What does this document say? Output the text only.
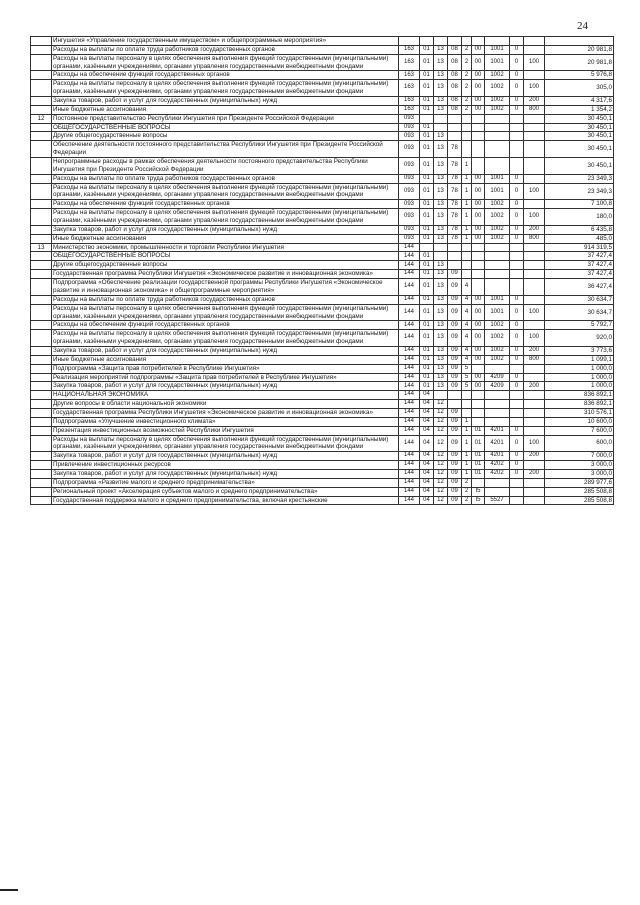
24
	Ингушетия «Управление государственным имуществом» и общепрограммные мероприятия»										
	Расходы на выплаты по оплате труда работников государственных органов	163	01	13	08	2	00	1001	0		20 981,8
	Расходы на выплаты персоналу в целях обеспечения выполнения функций государственными (муниципальными) органами, казёнными учреждениями, органами управления государственными внебюджетными фондами	163	01	13	08	2	00	1001	0	100	20 981,8
	Расходы на обеспечение функций государственных органов	163	01	13	08	2	00	1002	0		5 976,8
	Расходы на выплаты персоналу в целях обеспечения выполнения функций государственными (муниципальными) органами, казёнными учреждениями, органами управления государственными внебюджетными фондами	163	01	13	08	2	00	1002	0	100	305,0
	Закупка товаров, работ и услуг для государственных (муниципальных) нужд	163	01	13	08	2	00	1002	0	200	4 317,6
	Иные бюджетные ассигнования	163	01	13	08	2	00	1002	0	800	1 354,2
12	Постоянное представительство Республики Ингушетия при Президенте Российской Федерации	093									30 450,1
	ОБЩЕГОСУДАРСТВЕННЫЕ ВОПРОСЫ	093	01								30 450,1
	Другие общегосударственные вопросы	093	01	13							30 450,1
	Обеспечение деятельности постоянного представительства Республики Ингушетия при Президенте Российской Федерации	093	01	13	78						30 450,1
	Непрограммные расходы в рамках обеспечения деятельности постоянного представительства Республики Ингушетия при Президенте Российской Федерации	093	01	13	78	1					30 450,1
	Расходы на выплаты по оплате труда работников государственных органов	093	01	13	78	1	00	1001	0		23 349,3
	Расходы на выплаты персоналу в целях обеспечения выполнения функций государственными (муниципальными) органами, казёнными учреждениями, органами управления государственными внебюджетными фондами	093	01	13	78	1	00	1001	0	100	23 349,3
	Расходы на обеспечение функций государственных органов	093	01	13	78	1	00	1002	0		7 100,8
	Расходы на выплаты персоналу в целях обеспечения выполнения функций государственными (муниципальными) органами, казёнными учреждениями, органами управления государственными внебюджетными фондами	093	01	13	78	1	00	1002	0	100	180,0
	Закупка товаров, работ и услуг для государственных (муниципальных) нужд	093	01	13	78	1	00	1002	0	200	6 435,8
	Иные бюджетные ассигнования	093	01	13	78	1	00	1002	0	800	485,0
13	Министерство экономики, промышленности и торговли Республики Ингушетия	144									914 319,5
	ОБЩЕГОСУДАРСТВЕННЫЕ ВОПРОСЫ	144	01								37 427,4
	Другие общегосударственные вопросы	144	01	13							37 427,4
	Государственная программа Республики Ингушетия «Экономическое развитие и инновационная экономика»	144	01	13	09						37 427,4
	Подпрограмма «Обеспечение реализации государственной программы Республики Ингушетия «Экономическое развитие и инновационная экономика» и общепрограммные мероприятия»	144	01	13	09	4					36 427,4
	Расходы на выплаты по оплате труда работников государственных органов	144	01	13	09	4	00	1001	0		30 634,7
	Расходы на выплаты персоналу в целях обеспечения выполнения функций государственными (муниципальными) органами, казёнными учреждениями, органами управления государственными внебюджетными фондами	144	01	13	09	4	00	1001	0	100	30 634,7
	Расходы на обеспечение функций государственных органов	144	01	13	09	4	00	1002	0		5 792,7
	Расходы на выплаты персоналу в целях обеспечения выполнения функций государственными (муниципальными) органами, казёнными учреждениями, органами управления государственными внебюджетными фондами	144	01	13	09	4	00	1002	0	100	920,0
	Закупка товаров, работ и услуг для государственных (муниципальных) нужд	144	01	13	09	4	00	1002	0	200	3 773,6
	Иные бюджетные ассигнования	144	01	13	09	4	00	1002	0	800	1 099,1
	Подпрограмма «Защита прав потребителей в Республике Ингушетия»	144	01	13	09	5					1 000,0
	Реализация мероприятий подпрограммы «Защита прав потребителей в Республике Ингушетия»	144	01	13	09	5	00	4209	0		1 000,0
	Закупка товаров, работ и услуг для государственных (муниципальных) нужд	144	01	13	09	5	00	4209	0	200	1 000,0
	НАЦИОНАЛЬНАЯ ЭКОНОМИКА	144	04								836 892,1
	Другие вопросы в области национальной экономики	144	04	12							836 892,1
	Государственная программа Республики Ингушетия «Экономическое развитие и инновационная экономика»	144	04	12	09						310 576,1
	Подпрограмма «Улучшение инвестиционного климата»	144	04	12	09	1					10 600,0
	Презентация инвестиционных возможностей Республики Ингушетия	144	04	12	09	1	01	4201	0		7 600,0
	Расходы на выплаты персоналу в целях обеспечения выполнения функций государственными (муниципальными) органами, казёнными учреждениями, органами управления государственными внебюджетными фондами	144	04	12	09	1	01	4201	0	100	600,0
	Закупка товаров, работ и услуг для государственных (муниципальных) нужд	144	04	12	09	1	01	4201	0	200	7 000,0
	Привлечение инвестиционных ресурсов	144	04	12	09	1	01	4202	0		3 000,0
	Закупка товаров, работ и услуг для государственных (муниципальных) нужд	144	04	12	09	1	01	4202	0	200	3 000,0
	Подпрограмма «Развитие малого и среднего предпринимательства»	144	04	12	09	2					289 977,6
	Региональный проект «Акселерация субъектов малого и среднего предпринимательства»	144	04	12	09	2	I5				285 508,8
	Государственная поддержка малого и среднего предпринимательства, включая крестьянские	144	04	12	09	2	I5	5527			285 508,8
